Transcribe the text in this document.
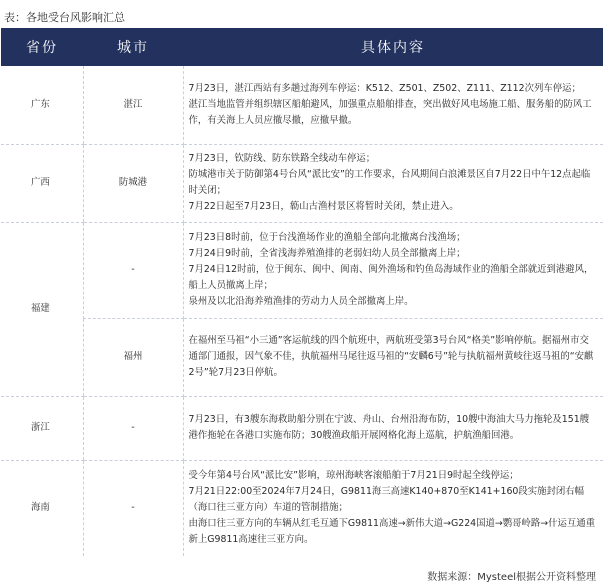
表：各地受台风影响汇总
省份	城市	具体内容
广东	湛江	7月23日，湛江西站有多趟过海列车停运：K512、Z501、Z502、Z111、Z112次列车停运；
湛江当地监管并组织辖区船舶避风，加强重点船舶排查，突出做好风电场施工船、服务船的防风工作，有关海上人员应撤尽撤，应撤早撤。

广西	防城港	7月23日，钦防线、防东铁路全线动车停运；
防城港市关于防御第4号台风“派比安”的工作要求，台风期间白浪滩景区自7月22日中午12点起临时关闭；
7月22日起至7月23日，簕山古渔村景区将暂时关闭，禁止进入。

福建	-	7月23日8时前，位于台浅渔场作业的渔船全部向北撤离台浅渔场；
7月24日9时前，全省浅海养殖渔排的老弱妇幼人员全部撤离上岸；
7月24日12时前，位于闽东、闽中、闽南、闽外渔场和钓鱼岛海域作业的渔船全部就近到港避风，船上人员撤离上岸；
泉州及以北沿海养殖渔排的劳动力人员全部撤离上岸。

	福州	在福州至马祖“小三通”客运航线的四个航班中，两航班受第3号台风“格美”影响停航。据福州市交通部门通报，因气象不佳，执航福州马尾往返马祖的“安麟6号”轮与执航福州黄岐往返马祖的“安麒2号”轮7月23日停航。

浙江	-	7月23日，有3艘东海救助船分别在宁波、舟山、台州沿海布防，10艘中海油大马力拖轮及151艘港作拖轮在各港口实施布防；30艘渔政船开展网格化海上巡航，护航渔船回港。

海南	-	受今年第4号台风“派比安”影响，琼州海峡客滚船舶于7月21日9时起全线停运；
7月21日22:00至2024年7月24日，G9811海三高速K140+870至K141+160段实施封闭右幅（海口往三亚方向）车道的管制措施；
由海口往三亚方向的车辆从红毛互通下G9811高速→新伟大道→G224国道→鹦哥岭路→什运互通重新上G9811高速往三亚方向。
数据来源：Mysteel根据公开资料整理
